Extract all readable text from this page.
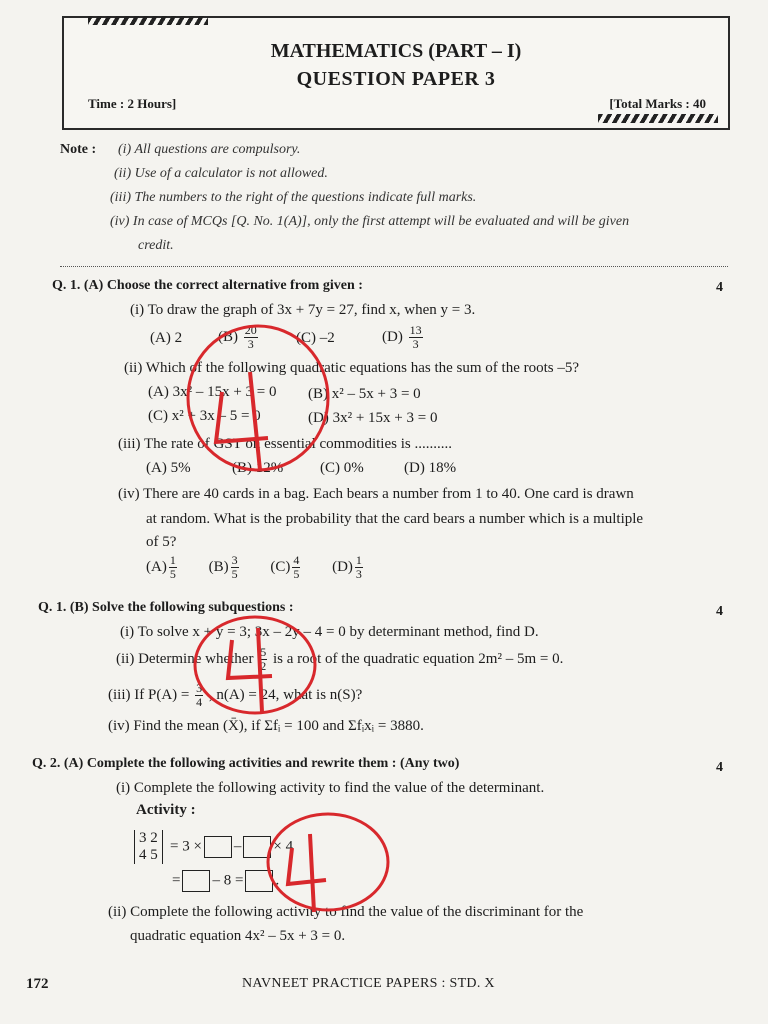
MATHEMATICS (PART – I)
QUESTION PAPER 3
Time : 2 Hours]	[Total Marks : 40
Note : (i) All questions are compulsory.
(ii) Use of a calculator is not allowed.
(iii) The numbers to the right of the questions indicate full marks.
(iv) In case of MCQs [Q. No. 1(A)], only the first attempt will be evaluated and will be given
credit.
Q. 1. (A) Choose the correct alternative from given :	4
(i) To draw the graph of 3x + 7y = 27, find x, when y = 3.
(A) 2 $(B) \frac{20}{3}$	(C) –2	$(D) \frac{13}{3}$
(ii) Which of the following quadratic equations has the sum of the roots –5?
(A) 3x² – 15x + 3 = 0 (B) x² – 5x + 3 = 0
(C) x² + 3x – 5 = 0	(D) 3x² + 15x + 3 = 0
(iii) The rate of GST on essential commodities is ..........
(A) 5%	(B) 12% (C) 0%	(D) 18%
(iv) There are 40 cards in a bag. Each bears a number from 1 to 40. One card is drawn
at random. What is the probability that the card bears a number which is a multiple
of 5?
$(A) \frac{1}{5} (B) \frac{3}{5} (C) \frac{4}{5} (D) \frac{1}{3}$
Q. 1. (B) Solve the following subquestions :	4
(i) To solve x + y = 3; 3x – 2y – 4 = 0 by determinant method, find D.
(ii) Determine whether $\frac{5}{2}$ is a root of the quadratic equation 2m² – 5m = 0.
(iii) If $P(A) = \frac{3}{4}$ , n(A) = 24, what is n(S)?
(iv) Find the mean (X̄), if Σfᵢ = 100 and Σfᵢxᵢ = 3880.
Q. 2. (A) Complete the following activities and rewrite them : (Any two)	4
(i) Complete the following activity to find the value of the determinant.
Activity :
3 2
4 5
= 3 × – × 4
= – 8 = .
(ii) Complete the following activity to find the value of the discriminant for the
quadratic equation 4x² – 5x + 3 = 0.
172	NAVNEET PRACTICE PAPERS : STD. X
